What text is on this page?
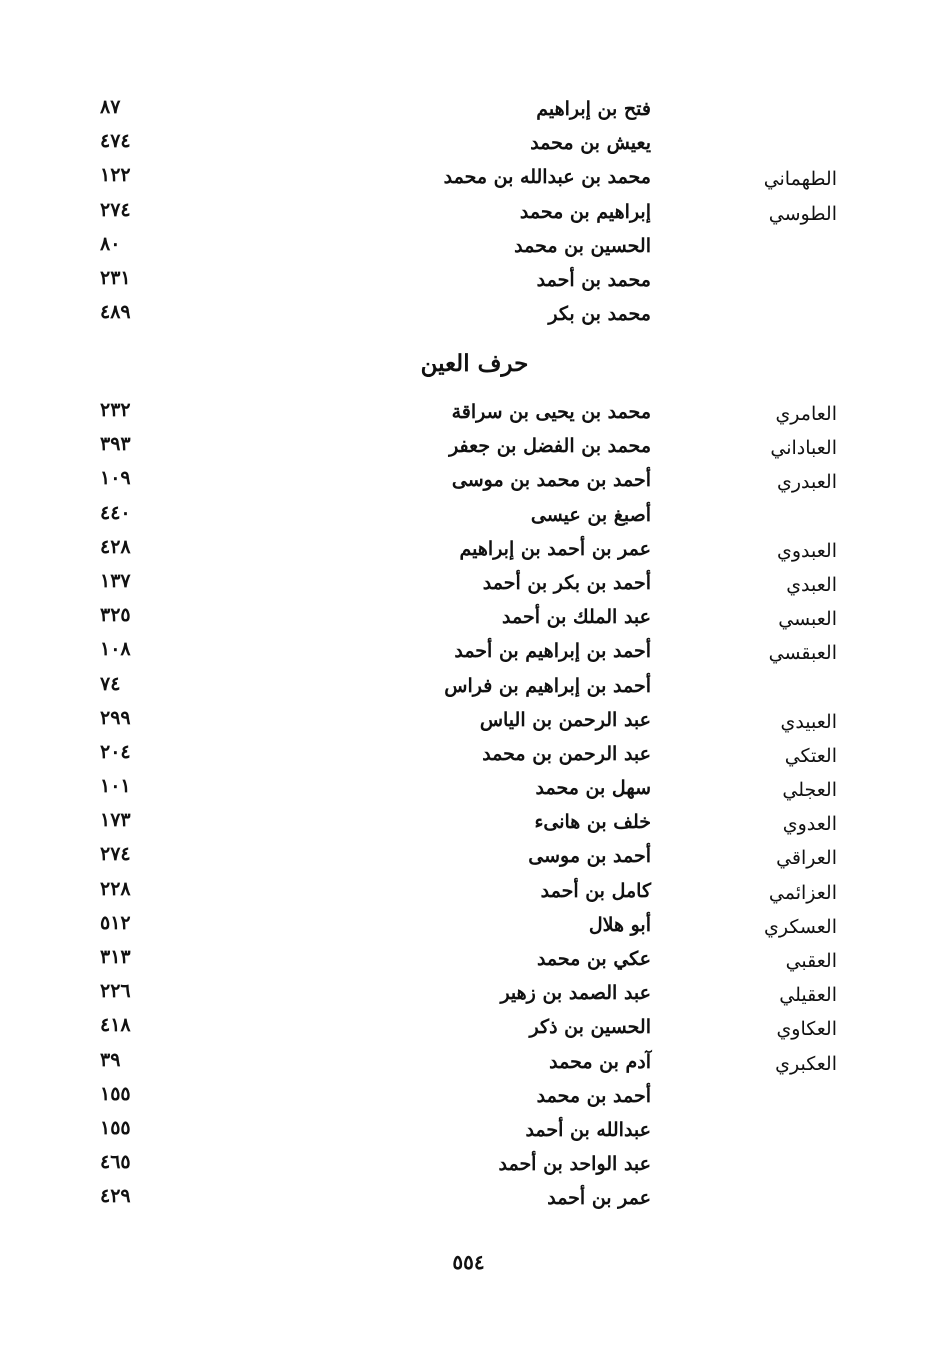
فتح بن إبراهيم
٨٧
يعيش بن محمد
٤٧٤
الطهماني
محمد بن عبدالله بن محمد
١٢٢
الطوسي
إبراهيم بن محمد
٢٧٤
الحسين بن محمد
٨٠
محمد بن أحمد
٢٣١
محمد بن بكر
٤٨٩
حرف العين
العامري
محمد بن يحيى بن سراقة
٢٣٢
العباداني
محمد بن الفضل بن جعفر
٣٩٣
العبدري
أحمد بن محمد بن موسى
١٠٩
أصبغ بن عيسى
٤٤٠
العبدوي
عمر بن أحمد بن إبراهيم
٤٢٨
العبدي
أحمد بن بكر بن أحمد
١٣٧
العبسي
عبد الملك بن أحمد
٣٢٥
العبقسي
أحمد بن إبراهيم بن أحمد
١٠٨
أحمد بن إبراهيم بن فراس
٧٤
العبيدي
عبد الرحمن بن الياس
٢٩٩
العتكي
عبد الرحمن بن محمد
٢٠٤
العجلي
سهل بن محمد
١٠١
العدوي
خلف بن هانىء
١٧٣
العراقي
أحمد بن موسى
٢٧٤
العزائمي
كامل بن أحمد
٢٢٨
العسكري
أبو هلال
٥١٢
العقبي
عكي بن محمد
٣١٣
العقيلي
عبد الصمد بن زهير
٢٢٦
العكاوي
الحسين بن ذكر
٤١٨
العكبري
آدم بن محمد
٣٩
أحمد بن محمد
١٥٥
عبدالله بن أحمد
١٥٥
عبد الواحد بن أحمد
٤٦٥
عمر بن أحمد
٤٢٩
٥٥٤
